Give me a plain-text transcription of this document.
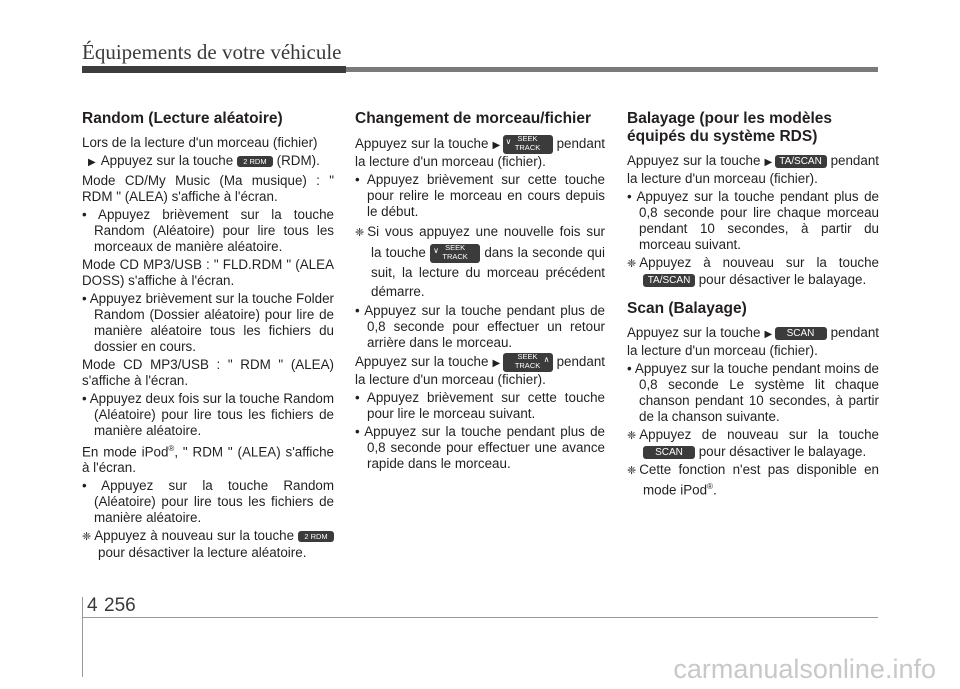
Équipements de votre véhicule
Random (Lecture aléatoire)

Lors de la lecture d'un morceau (fichier)

▶ Appuyez sur la touche 2 RDM (RDM).

Mode CD/My Music (Ma musique) : " RDM " (ALEA) s'affiche à l'écran.

• Appuyez brièvement sur la touche Random (Aléatoire) pour lire tous les morceaux de manière aléatoire.

Mode CD MP3/USB : " FLD.RDM " (ALEA DOSS) s'affiche à l'écran.

• Appuyez brièvement sur la touche Folder Random (Dossier aléatoire) pour lire de manière aléatoire tous les fichiers du dossier en cours.

Mode CD MP3/USB : " RDM " (ALEA) s'affiche à l'écran.

• Appuyez deux fois sur la touche Random (Aléatoire) pour lire tous les fichiers de manière aléatoire.

En mode iPod®, " RDM " (ALEA) s'affiche à l'écran.

• Appuyez sur la touche Random (Aléatoire) pour lire tous les fichiers de manière aléatoire.

❈ Appuyez à nouveau sur la touche 2 RDM pour désactiver la lecture aléatoire.

Changement de morceau/fichier

Appuyez sur la touche ▶ ∨ SEEK
TRACK pendant la lecture d'un morceau (fichier).

• Appuyez brièvement sur cette touche pour relire le morceau en cours depuis le début.

❈ Si vous appuyez une nouvelle fois sur la touche ∨ SEEK
TRACK dans la seconde qui suit, la lecture du morceau précédent démarre.

• Appuyez sur la touche pendant plus de 0,8 seconde pour effectuer un retour arrière dans le morceau.

Appuyez sur la touche ▶	∧
SEEK
TRACK pendant la lecture d'un morceau (fichier).

• Appuyez brièvement sur cette touche pour lire le morceau suivant.

• Appuyez sur la touche pendant plus de 0,8 seconde pour effectuer une avance rapide dans le morceau.

Balayage (pour les modèles équipés du système RDS)

Appuyez sur la touche ▶ TA/SCAN pendant la lecture d'un morceau (fichier).

• Appuyez sur la touche pendant plus de 0,8 seconde pour lire chaque morceau pendant 10 secondes, à partir du morceau suivant.

❈ Appuyez à nouveau sur la touche TA/SCAN pour désactiver le balayage.

Scan (Balayage)

Appuyez sur la touche ▶ SCAN pendant la lecture d'un morceau (fichier).

• Appuyez sur la touche pendant moins de 0,8 seconde Le système lit chaque chanson pendant 10 secondes, à partir de la chanson suivante.

❈ Appuyez de nouveau sur la touche SCAN pour désactiver le balayage.

❈ Cette fonction n'est pas disponible en mode iPod®.

4 256
carmanualsonline.info
